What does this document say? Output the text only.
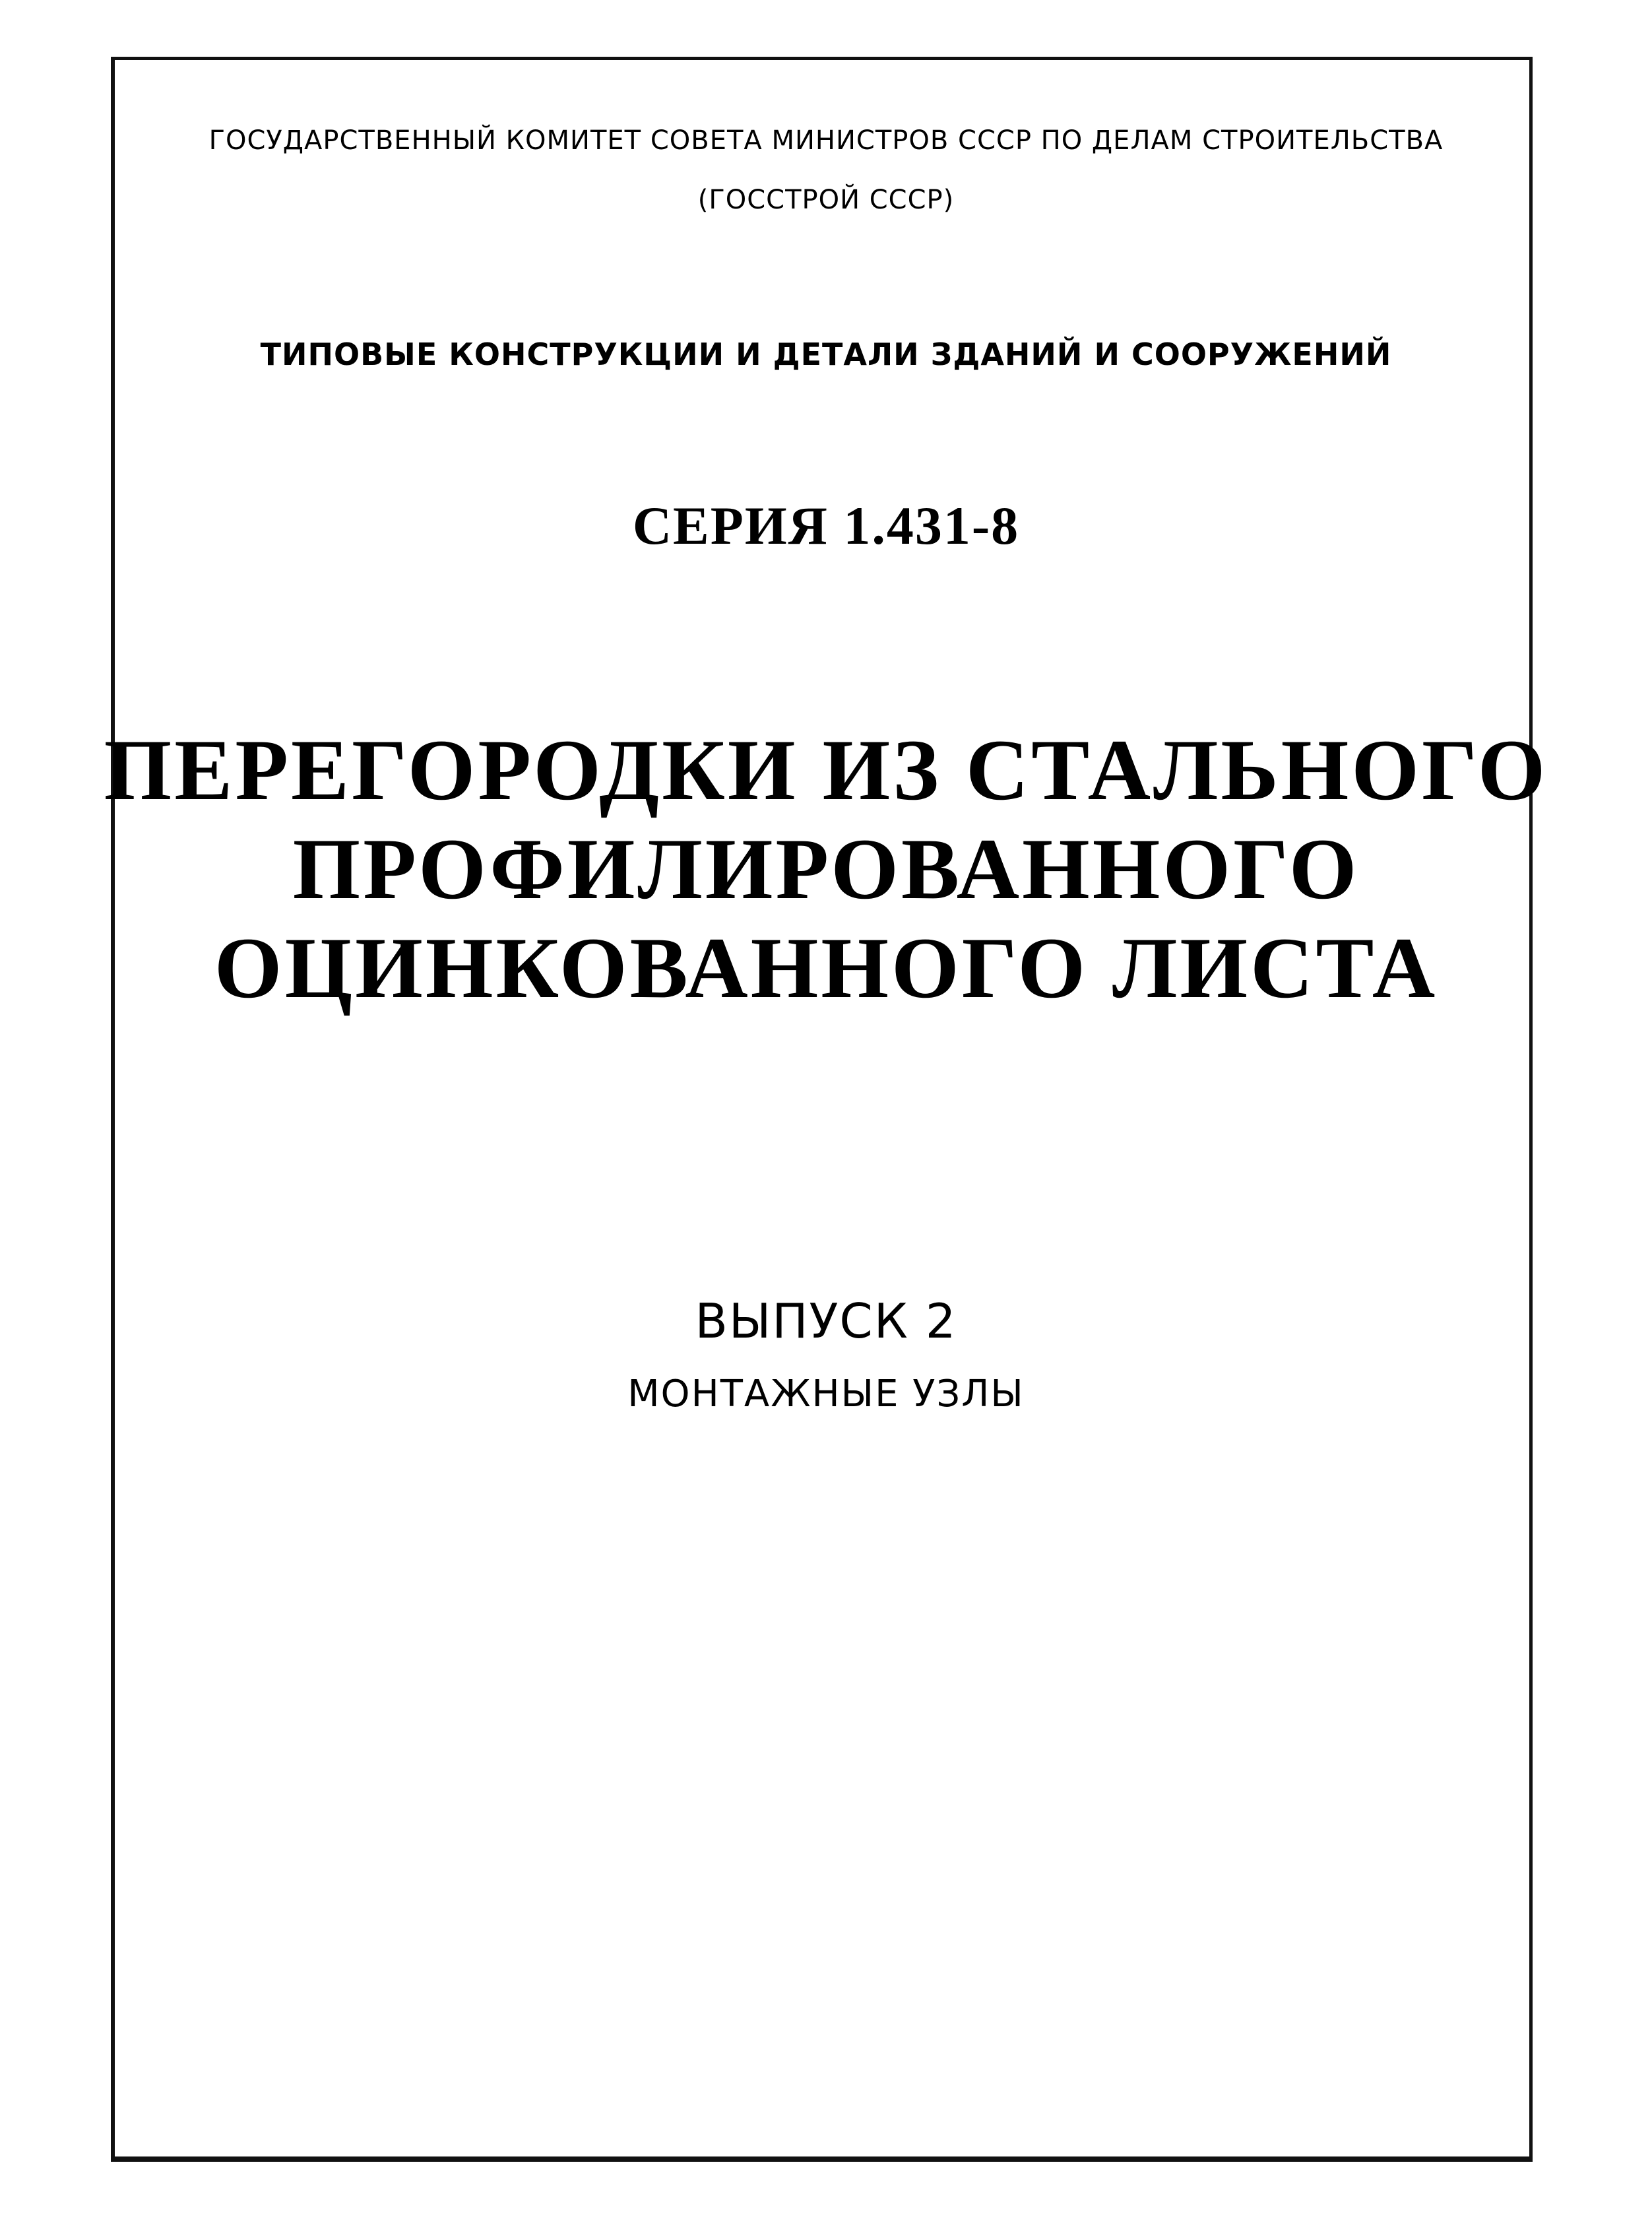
ГОСУДАРСТВЕННЫЙ КОМИТЕТ СОВЕТА МИНИСТРОВ СССР ПО ДЕЛАМ СТРОИТЕЛЬСТВА
(ГОССТРОЙ СССР)
ТИПОВЫЕ КОНСТРУКЦИИ И ДЕТАЛИ ЗДАНИЙ И СООРУЖЕНИЙ
СЕРИЯ 1.431-8
ПЕРЕГОРОДКИ ИЗ СТАЛЬНОГО
ПРОФИЛИРОВАННОГО
ОЦИНКОВАННОГО ЛИСТА
ВЫПУСК 2
МОНТАЖНЫЕ УЗЛЫ
